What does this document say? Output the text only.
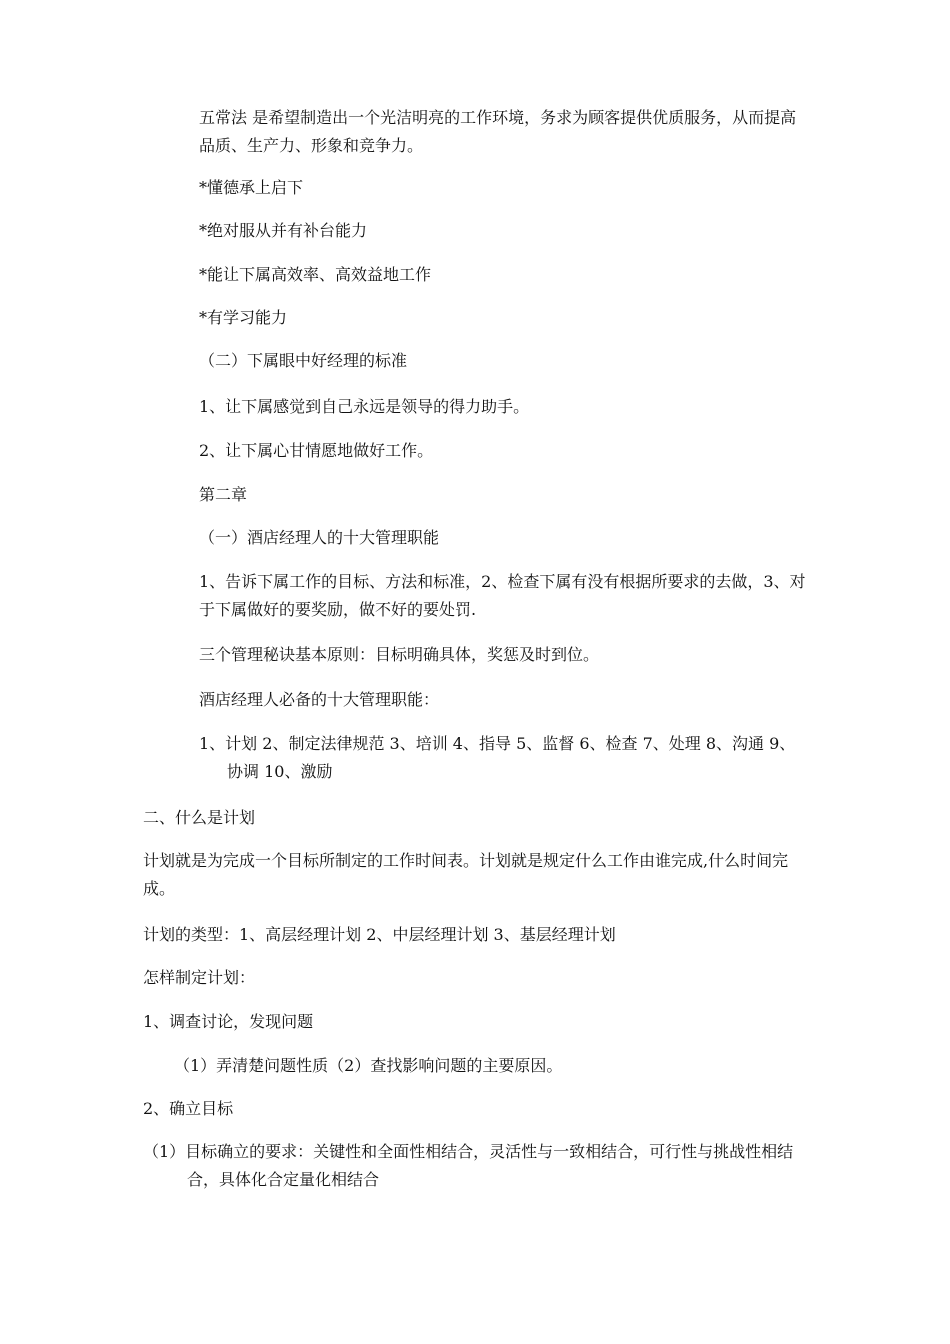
五常法 是希望制造出一个光洁明亮的工作环境，务求为顾客提供优质服务，从而提高品质、生产力、形象和竞争力。

*懂德承上启下

*绝对服从并有补台能力

*能让下属高效率、高效益地工作

*有学习能力

（二）下属眼中好经理的标准

1、让下属感觉到自己永远是领导的得力助手。

2、让下属心甘情愿地做好工作。

第二章

（一）酒店经理人的十大管理职能

1、告诉下属工作的目标、方法和标准，2、检查下属有没有根据所要求的去做，3、对于下属做好的要奖励，做不好的要处罚.

三个管理秘诀基本原则：目标明确具体，奖惩及时到位。

酒店经理人必备的十大管理职能：

1、计划 2、制定法律规范 3、培训 4、指导 5、监督 6、检查 7、处理 8、沟通 9、协调 10、激励

二、什么是计划

计划就是为完成一个目标所制定的工作时间表。计划就是规定什么工作由谁完成,什么时间完成。

计划的类型：1、高层经理计划 2、中层经理计划 3、基层经理计划

怎样制定计划：

1、调查讨论，发现问题

（1）弄清楚问题性质（2）查找影响问题的主要原因。

2、确立目标

（1）目标确立的要求：关键性和全面性相结合，灵活性与一致相结合，可行性与挑战性相结合，具体化合定量化相结合
